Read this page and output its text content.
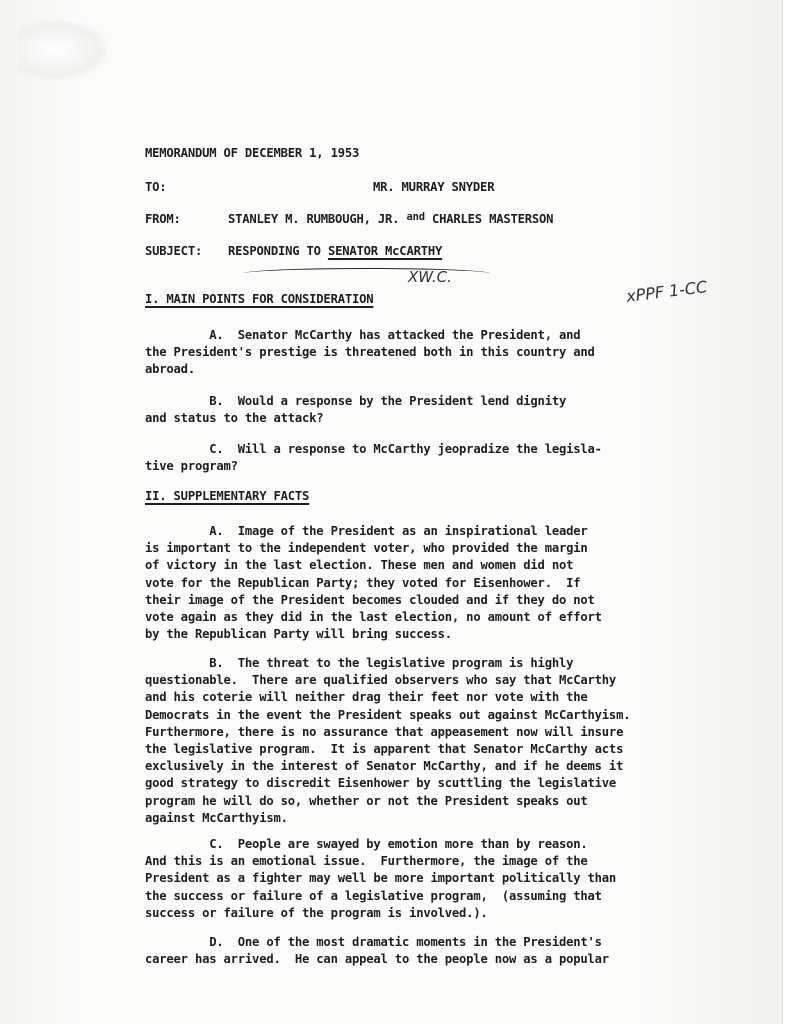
MEMORANDUM OF DECEMBER 1, 1953
TO:	MR. MURRAY SNYDER
FROM:	STANLEY M. RUMBOUGH, JR. and CHARLES MASTERSON
SUBJECT: RESPONDING TO SENATOR McCARTHY
XW.C.
xPPF 1-CC
I. MAIN POINTS FOR CONSIDERATION
A.  Senator McCarthy has attacked the President, and
the President's prestige is threatened both in this country and
abroad.
B.  Would a response by the President lend dignity
and status to the attack?
C.  Will a response to McCarthy jeopradize the legisla-
tive program?
II. SUPPLEMENTARY FACTS
A.  Image of the President as an inspirational leader
is important to the independent voter, who provided the margin
of victory in the last election. These men and women did not
vote for the Republican Party; they voted for Eisenhower.  If
their image of the President becomes clouded and if they do not
vote again as they did in the last election, no amount of effort
by the Republican Party will bring success.
B.  The threat to the legislative program is highly
questionable.  There are qualified observers who say that McCarthy
and his coterie will neither drag their feet nor vote with the
Democrats in the event the President speaks out against McCarthyism.
Furthermore, there is no assurance that appeasement now will insure
the legislative program.  It is apparent that Senator McCarthy acts
exclusively in the interest of Senator McCarthy, and if he deems it
good strategy to discredit Eisenhower by scuttling the legislative
program he will do so, whether or not the President speaks out
against McCarthyism.
C.  People are swayed by emotion more than by reason.
And this is an emotional issue.  Furthermore, the image of the
President as a fighter may well be more important politically than
the success or failure of a legislative program,  (assuming that
success or failure of the program is involved.).
D.  One of the most dramatic moments in the President's
career has arrived.  He can appeal to the people now as a popular
